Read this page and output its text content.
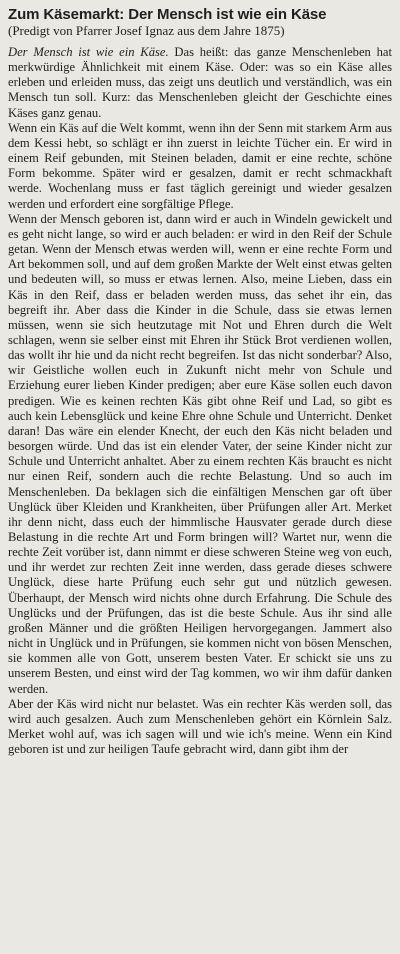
Zum Käsemarkt: Der Mensch ist wie ein Käse
(Predigt von Pfarrer Josef Ignaz aus dem Jahre 1875)

Der Mensch ist wie ein Käse. Das heißt: das ganze Menschenleben hat merkwürdige Ähnlichkeit mit einem Käse. Oder: was so ein Käse alles erleben und erleiden muss, das zeigt uns deutlich und verständlich, was ein Mensch tun soll. Kurz: das Menschenleben gleicht der Geschichte eines Käses ganz genau.

Wenn ein Käs auf die Welt kommt, wenn ihn der Senn mit starkem Arm aus dem Kessi hebt, so schlägt er ihn zuerst in leichte Tücher ein. Er wird in einem Reif gebunden, mit Steinen beladen, damit er eine rechte, schöne Form bekomme. Später wird er gesalzen, damit er recht schmackhaft werde. Wochenlang muss er fast täglich gereinigt und wieder gesalzen werden und erfordert eine sorgfältige Pflege.

Wenn der Mensch geboren ist, dann wird er auch in Windeln gewickelt und es geht nicht lange, so wird er auch beladen: er wird in den Reif der Schule getan. Wenn der Mensch etwas werden will, wenn er eine rechte Form und Art bekommen soll, und auf dem großen Markte der Welt einst etwas gelten und bedeuten will, so muss er etwas lernen. Also, meine Lieben, dass ein Käs in den Reif, dass er beladen werden muss, das sehet ihr ein, das begreift ihr. Aber dass die Kinder in die Schule, dass sie etwas lernen müssen, wenn sie sich heutzutage mit Not und Ehren durch die Welt schlagen, wenn sie selber einst mit Ehren ihr Stück Brot verdienen wollen, das wollt ihr hie und da nicht recht begreifen. Ist das nicht sonderbar? Also, wir Geistliche wollen euch in Zukunft nicht mehr von Schule und Erziehung eurer lieben Kinder predigen; aber eure Käse sollen euch davon predigen. Wie es keinen rechten Käs gibt ohne Reif und Lad, so gibt es auch kein Lebensglück und keine Ehre ohne Schule und Unterricht. Denket daran! Das wäre ein elender Knecht, der euch den Käs nicht beladen und besorgen würde. Und das ist ein elender Vater, der seine Kinder nicht zur Schule und Unterricht anhaltet. Aber zu einem rechten Käs braucht es nicht nur einen Reif, sondern auch die rechte Belastung. Und so auch im Menschenleben. Da beklagen sich die einfältigen Menschen gar oft über Unglück über Kleiden und Krankheiten, über Prüfungen aller Art. Merket ihr denn nicht, dass euch der himmlische Hausvater gerade durch diese Belastung in die rechte Art und Form bringen will? Wartet nur, wenn die rechte Zeit vorüber ist, dann nimmt er diese schweren Steine weg von euch, und ihr werdet zur rechten Zeit inne werden, dass gerade dieses schwere Unglück, diese harte Prüfung euch sehr gut und nützlich gewesen. Überhaupt, der Mensch wird nichts ohne durch Erfahrung. Die Schule des Unglücks und der Prüfungen, das ist die beste Schule. Aus ihr sind alle großen Männer und die größten Heiligen hervorgegangen. Jammert also nicht in Unglück und in Prüfungen, sie kommen nicht von bösen Menschen, sie kommen alle von Gott, unserem besten Vater. Er schickt sie uns zu unserem Besten, und einst wird der Tag kommen, wo wir ihm dafür danken werden.

Aber der Käs wird nicht nur belastet. Was ein rechter Käs werden soll, das wird auch gesalzen. Auch zum Menschenleben gehört ein Körnlein Salz. Merket wohl auf, was ich sagen will und wie ich's meine. Wenn ein Kind geboren ist und zur heiligen Taufe gebracht wird, dann gibt ihm der
